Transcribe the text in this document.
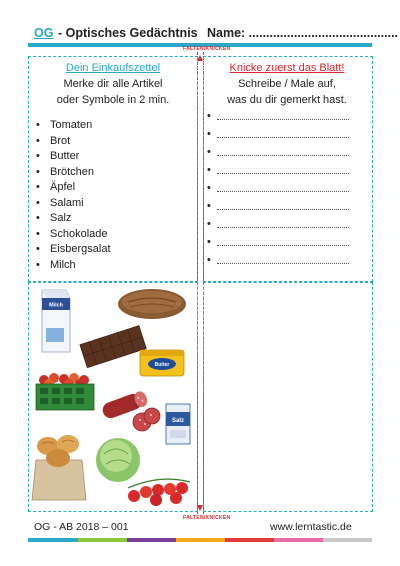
OG - Optisches Gedächtnis Name: ...........................................
FALTEN/KNICKEN
FALTEN/KNICKEN
Dein Einkaufszettel
Merke dir alle Artikel
oder Symbole in 2 min.
• Tomaten
• Brot
• Butter
• Brötchen
• Äpfel
• Salami
• Salz
• Schokolade
• Eisbergsalat
• Milch
Knicke zuerst das Blatt!
Schreibe / Male auf,
was du dir gemerkt hast.
•
•
•
•
•
•
•
•
•
Milch
Butter
Salz
OG - AB 2018 – 001	www.lerntastic.de
